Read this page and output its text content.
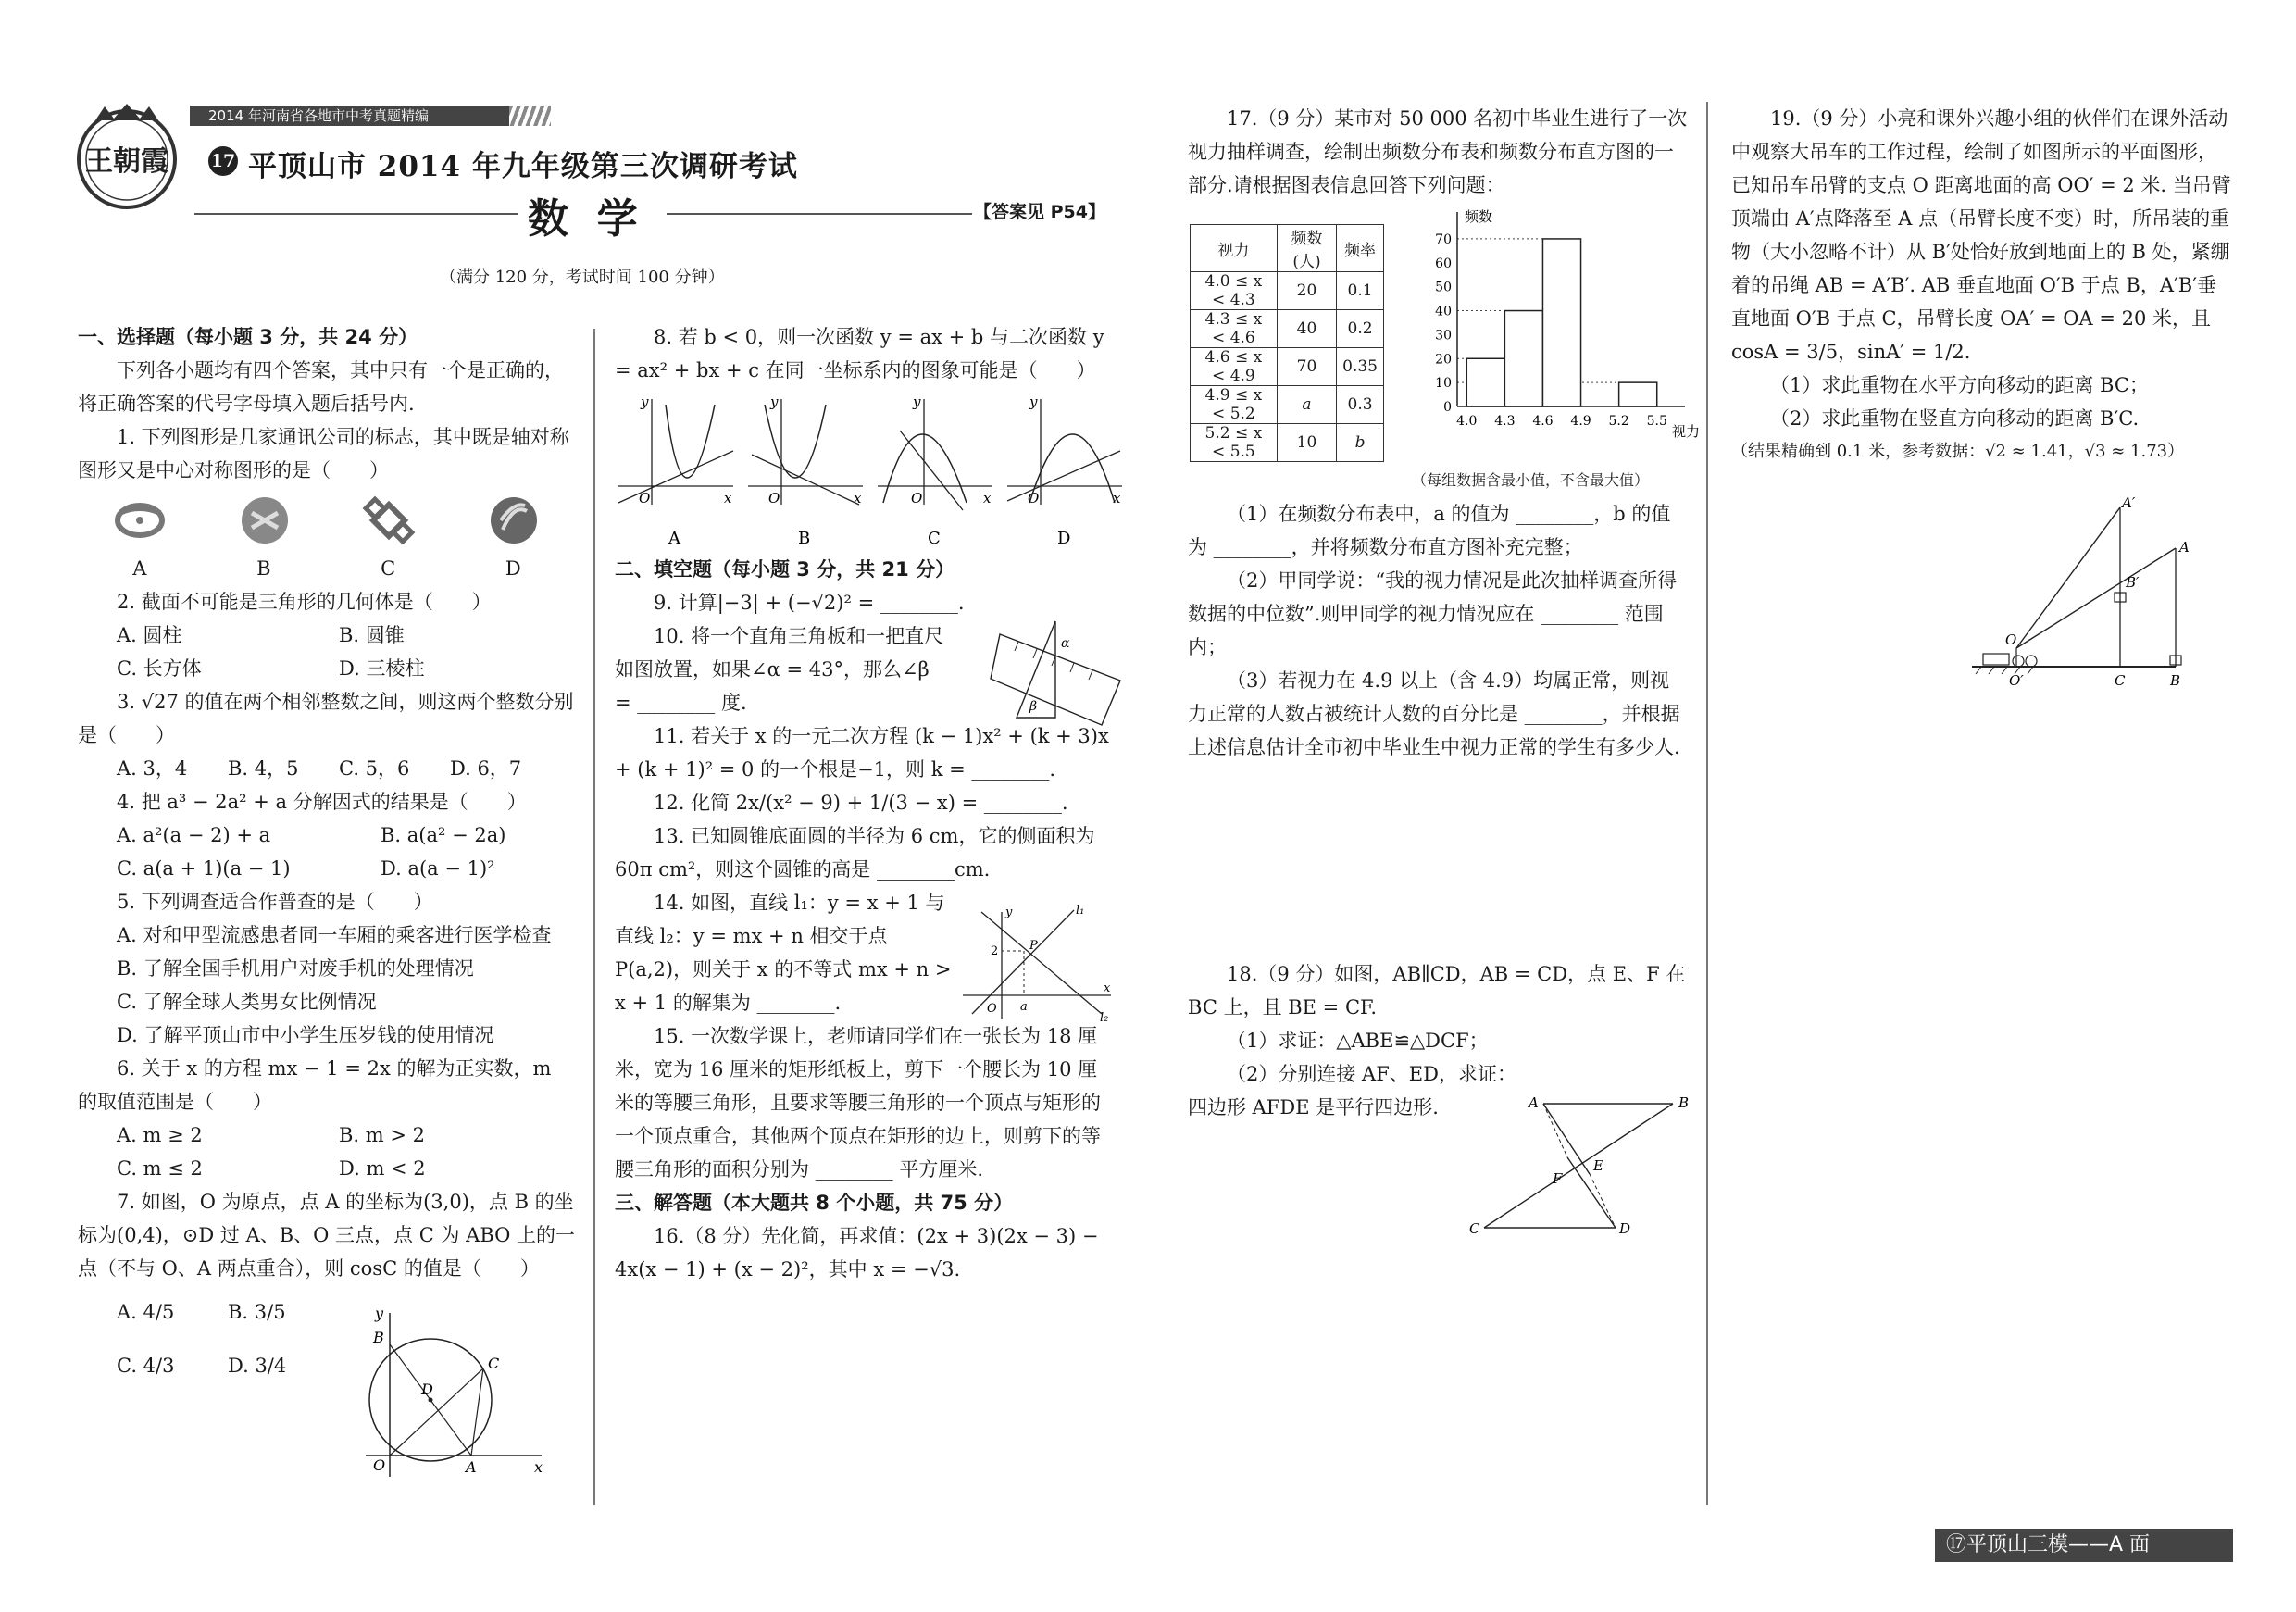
2014 年河南省各地市中考真题精编
王朝霞 17 平顶山市 2014 年九年级第三次调研考试
数  学	【答案见 P54】
（满分 120 分，考试时间 100 分钟）

一、选择题（每小题 3 分，共 24 分）

下列各小题均有四个答案，其中只有一个是正确的，将正确答案的代号字母填入题后括号内.

1. 下列图形是几家通讯公司的标志，其中既是轴对称图形又是中心对称图形的是（　　）

A	B	C	D

2. 截面不可能是三角形的几何体是（　　）

A. 圆柱	B. 圆锥
C. 长方体	D. 三棱柱

3. √27 的值在两个相邻整数之间，则这两个整数分别是（　　）

A. 3，4	B. 4，5	C. 5，6	D. 6，7

4. 把 a³ − 2a² + a 分解因式的结果是（　　）

A. a²(a − 2) + a	B. a(a² − 2a)
C. a(a + 1)(a − 1)	D. a(a − 1)²

5. 下列调查适合作普查的是（　　）

A. 对和甲型流感患者同一车厢的乘客进行医学检查

B. 了解全国手机用户对废手机的处理情况

C. 了解全球人类男女比例情况

D. 了解平顶山市中小学生压岁钱的使用情况

6. 关于 x 的方程 mx − 1 = 2x 的解为正实数，m 的取值范围是（　　）

A. m ≥ 2	B. m > 2
C. m ≤ 2	D. m < 2

7. 如图，O 为原点，点 A 的坐标为(3,0)，点 B 的坐标为(0,4)，⊙D 过 A、B、O 三点，点 C 为 ABO 上的一点（不与 O、A 两点重合），则 cosC 的值是（　　）

A. 4/5	B. 3/5
C. 4/3	D. 3/4
y
B
D
C
O	A	x

8. 若 b < 0，则一次函数 y = ax + b 与二次函数 y = ax² + bx + c 在同一坐标系内的图象可能是（　　）

y
O	x
A
y
O	x
B
y
O	x
C
y
O	x
D

二、填空题（每小题 3 分，共 21 分）

9. 计算|−3| + (−√2)² = ________.

10. 将一个直角三角板和一把直尺如图放置，如果∠α = 43°，那么∠β = ________ 度.

11. 若关于 x 的一元二次方程 (k − 1)x² + (k + 3)x + (k + 1)² = 0 的一个根是−1，则 k = ________.

12. 化简 2x/(x² − 9) + 1/(3 − x) = ________.

13. 已知圆锥底面圆的半径为 6 cm，它的侧面积为 60π cm²，则这个圆锥的高是 ________cm.

14. 如图，直线 l₁：y = x + 1 与直线 l₂：y = mx + n 相交于点 P(a,2)，则关于 x 的不等式 mx + n > x + 1 的解集为 ________.

15. 一次数学课上，老师请同学们在一张长为 18 厘米，宽为 16 厘米的矩形纸板上，剪下一个腰长为 10 厘米的等腰三角形，且要求等腰三角形的一个顶点与矩形的一个顶点重合，其他两个顶点在矩形的边上，则剪下的等腰三角形的面积分别为 ________ 平方厘米.

三、解答题（本大题共 8 个小题，共 75 分）

16.（8 分）先化简，再求值：(2x + 3)(2x − 3) − 4x(x − 1) + (x − 2)²，其中 x = −√3.

α
β
y	l₁
2	P
O a
x
l₂

17.（9 分）某市对 50 000 名初中毕业生进行了一次视力抽样调查，绘制出频数分布表和频数分布直方图的一部分.请根据图表信息回答下列问题：

视力	频数(人)	频率
4.0 ≤ x < 4.3	20	0.1
4.3 ≤ x < 4.6	40	0.2
4.6 ≤ x < 4.9	70	0.35
4.9 ≤ x < 5.2	a	0.3
5.2 ≤ x < 5.5	10	b
0
10
20
30
40
50
60
70
4.0 4.3 4.6 4.9 5.2 5.5
频数
视力
（每组数据含最小值，不含最大值）

（1）在频数分布表中，a 的值为 ________，b 的值为 ________，并将频数分布直方图补充完整；

（2）甲同学说：“我的视力情况是此次抽样调查所得数据的中位数”.则甲同学的视力情况应在 ________ 范围内；

（3）若视力在 4.9 以上（含 4.9）均属正常，则视力正常的人数占被统计人数的百分比是 ________，并根据上述信息估计全市初中毕业生中视力正常的学生有多少人.

18.（9 分）如图，AB∥CD，AB = CD，点 E、F 在 BC 上，且 BE = CF.

（1）求证：△ABE≌△DCF；

（2）分别连接 AF、ED，求证：四边形 AFDE 是平行四边形.	A	B
C	D
F
E

19.（9 分）小亮和课外兴趣小组的伙伴们在课外活动中观察大吊车的工作过程，绘制了如图所示的平面图形，已知吊车吊臂的支点 O 距离地面的高 OO′ = 2 米. 当吊臂顶端由 A′点降落至 A 点（吊臂长度不变）时，所吊装的重物（大小忽略不计）从 B′处恰好放到地面上的 B 处，紧绷着的吊绳 AB = A′B′. AB 垂直地面 O′B 于点 B，A′B′垂直地面 O′B 于点 C，吊臂长度 OA′ = OA = 20 米，且 cosA = 3/5，sinA′ = 1/2.

（1）求此重物在水平方向移动的距离 BC；

（2）求此重物在竖直方向移动的距离 B′C.

（结果精确到 0.1 米，参考数据：√2 ≈ 1.41，√3 ≈ 1.73）

A′
A
B′
O
O′	C	B
⑰平顶山三模——A 面
